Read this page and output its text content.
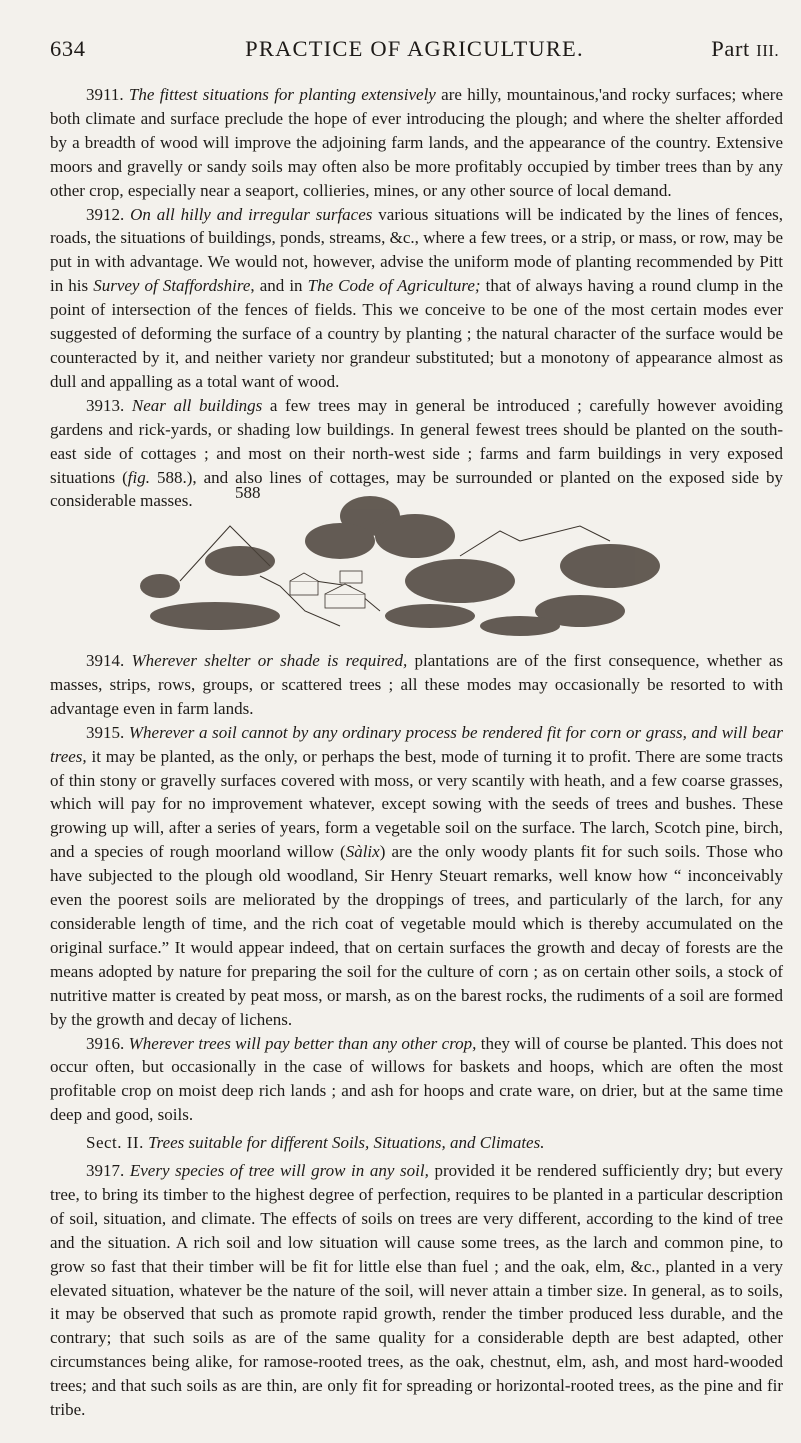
634	PRACTICE OF AGRICULTURE.	Part III.

3911. The fittest situations for planting extensively are hilly, mountainous,'and rocky surfaces; where both climate and surface preclude the hope of ever introducing the plough; and where the shelter afforded by a breadth of wood will improve the adjoining farm lands, and the appearance of the country. Extensive moors and gravelly or sandy soils may often also be more profitably occupied by timber trees than by any other crop, especially near a seaport, collieries, mines, or any other source of local demand.

3912. On all hilly and irregular surfaces various situations will be indicated by the lines of fences, roads, the situations of buildings, ponds, streams, &c., where a few trees, or a strip, or mass, or row, may be put in with advantage. We would not, however, advise the uniform mode of planting recommended by Pitt in his Survey of Staffordshire, and in The Code of Agriculture; that of always having a round clump in the point of intersection of the fences of fields. This we conceive to be one of the most certain modes ever suggested of deforming the surface of a country by planting ; the natural character of the surface would be counteracted by it, and neither variety nor grandeur substituted; but a monotony of appearance almost as dull and appalling as a total want of wood.

3913. Near all buildings a few trees may in general be introduced ; carefully however avoiding gardens and rick-yards, or shading low buildings. In general fewest trees should be planted on the south-east side of cottages ; and most on their north-west side ; farms and farm buildings in very exposed situations (fig. 588.), and also lines of cottages, may be surrounded or planted on the exposed side by considerable masses.	588

3914. Wherever shelter or shade is required, plantations are of the first consequence, whether as masses, strips, rows, groups, or scattered trees ; all these modes may occasionally be resorted to with advantage even in farm lands.

3915. Wherever a soil cannot by any ordinary process be rendered fit for corn or grass, and will bear trees, it may be planted, as the only, or perhaps the best, mode of turning it to profit. There are some tracts of thin stony or gravelly surfaces covered with moss, or very scantily with heath, and a few coarse grasses, which will pay for no improvement whatever, except sowing with the seeds of trees and bushes. These growing up will, after a series of years, form a vegetable soil on the surface. The larch, Scotch pine, birch, and a species of rough moorland willow (Sàlix) are the only woody plants fit for such soils. Those who have subjected to the plough old woodland, Sir Henry Steuart remarks, well know how “ inconceivably even the poorest soils are meliorated by the droppings of trees, and particularly of the larch, for any considerable length of time, and the rich coat of vegetable mould which is thereby accumulated on the original surface.” It would appear indeed, that on certain surfaces the growth and decay of forests are the means adopted by nature for preparing the soil for the culture of corn ; as on certain other soils, a stock of nutritive matter is created by peat moss, or marsh, as on the barest rocks, the rudiments of a soil are formed by the growth and decay of lichens.

3916. Wherever trees will pay better than any other crop, they will of course be planted. This does not occur often, but occasionally in the case of willows for baskets and hoops, which are often the most profitable crop on moist deep rich lands ; and ash for hoops and crate ware, on drier, but at the same time deep and good, soils.

Sect. II. Trees suitable for different Soils, Situations, and Climates.

3917. Every species of tree will grow in any soil, provided it be rendered sufficiently dry; but every tree, to bring its timber to the highest degree of perfection, requires to be planted in a particular description of soil, situation, and climate. The effects of soils on trees are very different, according to the kind of tree and the situation. A rich soil and low situation will cause some trees, as the larch and common pine, to grow so fast that their timber will be fit for little else than fuel ; and the oak, elm, &c., planted in a very elevated situation, whatever be the nature of the soil, will never attain a timber size. In general, as to soils, it may be observed that such as promote rapid growth, render the timber produced less durable, and the contrary; that such soils as are of the same quality for a considerable depth are best adapted, other circumstances being alike, for ramose-rooted trees, as the oak, chestnut, elm, ash, and most hard-wooded trees; and that such soils as are thin, are only fit for spreading or horizontal-rooted trees, as the pine and fir tribe.
